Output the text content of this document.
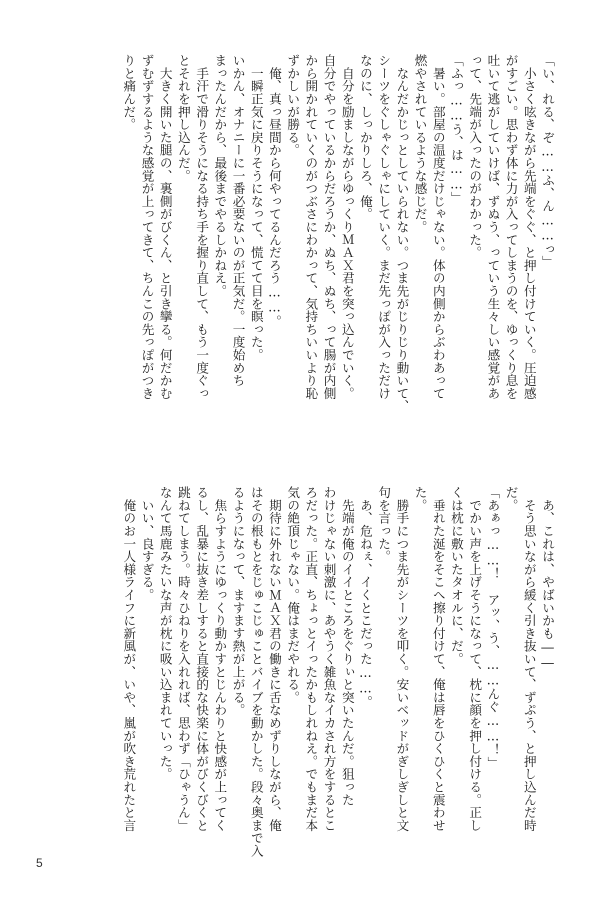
「い、れる、ぞ……ふ、ん……っ」
　小さく呟きながら先端をぐぐ、と押し付けていく。圧迫感
がすごい。思わず体に力が入ってしまうのを、ゆっくり息を
吐いて逃がしていけば、ずぬう、っていう生々しい感覚があ
って、先端が入ったのがわかった。
「ふっ……う、は……」
　暑い。部屋の温度だけじゃない。体の内側からぶわあって
燃やされているような感じだ。
　なんだかじっとしていられない。つま先がじりじり動いて、
シーツをぐしゃぐしゃにしていく。まだ先っぽが入っただけ
なのに、しっかりしろ、俺。
　自分を励ましながらゆっくりＭＡＸ君を突っ込んでいく。
自分でやっているからだろうか、ぬち、ぬち、って腸が内側
から開かれていくのがつぶさにわかって、気持ちいいより恥
ずかしいが勝る。
　俺、真っ昼間から何やってるんだろう……。
　一瞬正気に戻りそうになって、慌てて目を瞑った。
いかん、オナニーに一番必要ないのが正気だ。一度始めち
まったんだから、最後までやるしかねえ。
　手汗で滑りそうになる持ち手を握り直して、もう一度ぐっ
とそれを押し込んだ。
　大きく開いた腿の、裏側がびくん、と引き攣る。何だかむ
ずむずするような感覚が上ってきて、ちんこの先っぽがつき
りと痛んだ。
　あ、これは、やばいかも――
　そう思いながら緩く引き抜いて、ずぷう、と押し込んだ時
だ。
「あぁっ……！　アッ、う、……んぐ……！」
　でかい声を上げそうになって、枕に顔を押し付ける。正し
くは枕に敷いたタオルに、だ。
　垂れた涎をそこへ擦り付けて、俺は唇をひくひくと震わせ
た。
　勝手につま先がシーツを叩く。安いベッドがぎしぎしと文
句を言った。
　あ、危ねぇ、イくとこだった……。
　先端が俺のイイところをぐりぃと突いたんだ。狙った
わけじゃない刺激に、あやうく雑魚なイカされ方をするとこ
ろだった。正直、ちょっとイったかもしれねえ。でもまだ本
気の絶頂じゃない。俺はまだやれる。
　期待に外れないＭＡＸ君の働きに舌なめずりしながら、俺
はその根もとをじゅこじゅことバイブを動かした。段々奥まで入
るようになって、ますます熱が上がる。
　焦らすようにゆっくり動かすとじんわりと快感が上ってく
るし、乱暴に抜き差しすると直接的な快楽に体がびくびくと
跳ねてしまう。時々ひねりを入れれば、思わず「ひゃうん」
なんて馬鹿みたいな声が枕に吸い込まれていった。
　いい、良すぎる。
　俺のお一人様ライフに新風が、いや、嵐が吹き荒れたと言
5
